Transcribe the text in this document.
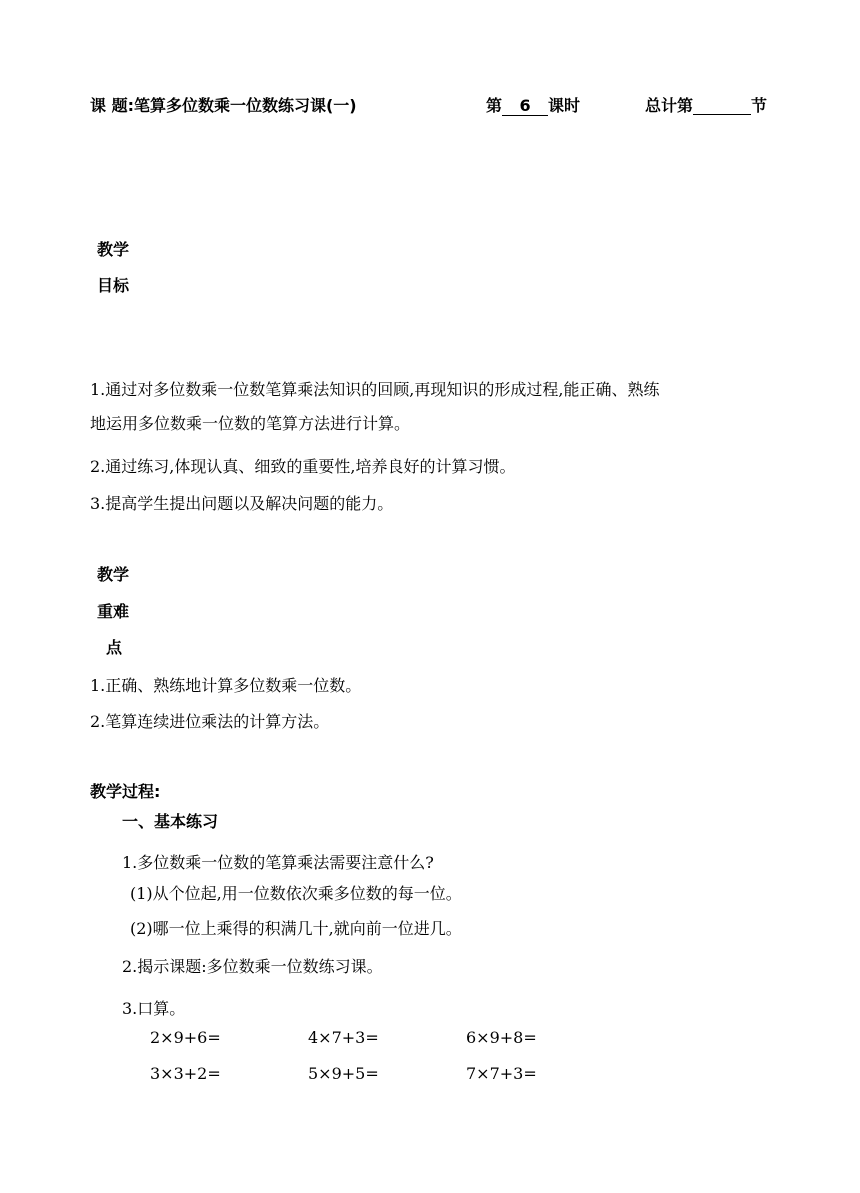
课 题:笔算多位数乘一位数练习课(一)	第 6 课时	总计第	节
教学
目标
1.通过对多位数乘一位数笔算乘法知识的回顾,再现知识的形成过程,能正确、熟练
地运用多位数乘一位数的笔算方法进行计算。
2.通过练习,体现认真、细致的重要性,培养良好的计算习惯。
3.提高学生提出问题以及解决问题的能力。
教学
重难
点
1.正确、熟练地计算多位数乘一位数。
2.笔算连续进位乘法的计算方法。
教学过程:
一、基本练习
1.多位数乘一位数的笔算乘法需要注意什么?
(1)从个位起,用一位数依次乘多位数的每一位。
(2)哪一位上乘得的积满几十,就向前一位进几。
2.揭示课题:多位数乘一位数练习课。
3.口算。
2×9+6=	4×7+3=	6×9+8=
3×3+2=	5×9+5=	7×7+3=
